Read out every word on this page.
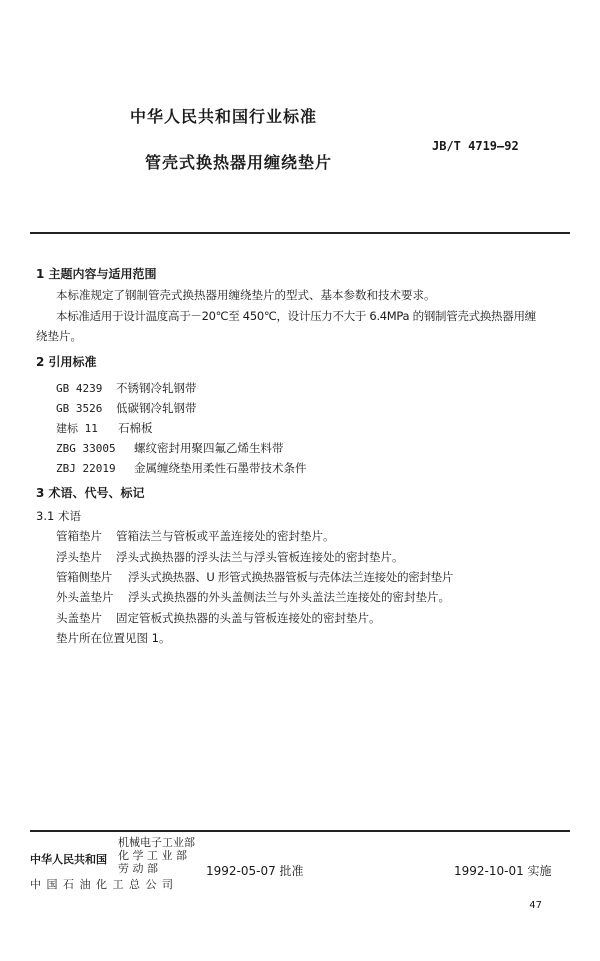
中华人民共和国行业标准
JB/T 4719—92
管壳式换热器用缠绕垫片
1 主题内容与适用范围
本标准规定了钢制管壳式换热器用缠绕垫片的型式、基本参数和技术要求。
本标准适用于设计温度高于－20℃至 450℃，设计压力不大于 6.4MPa 的钢制管壳式换热器用缠
绕垫片。
2 引用标准
GB 4239 不锈钢冷轧钢带
GB 3526 低碳钢冷轧钢带
建标 11 石棉板
ZBG 33005 螺纹密封用聚四氟乙烯生料带
ZBJ 22019 金属缠绕垫用柔性石墨带技术条件
3 术语、代号、标记
3.1 术语
管箱垫片 管箱法兰与管板或平盖连接处的密封垫片。
浮头垫片 浮头式换热器的浮头法兰与浮头管板连接处的密封垫片。
管箱侧垫片 浮头式换热器、U 形管式换热器管板与壳体法兰连接处的密封垫片
外头盖垫片 浮头式换热器的外头盖侧法兰与外头盖法兰连接处的密封垫片。
头盖垫片 固定管板式换热器的头盖与管板连接处的密封垫片。
垫片所在位置见图 1。
机械电子工业部
化 学 工 业 部
劳 动 部
中华人民共和国
中 国 石 油 化 工 总 公 司
1992-05-07 批准	1992-10-01 实施
47
